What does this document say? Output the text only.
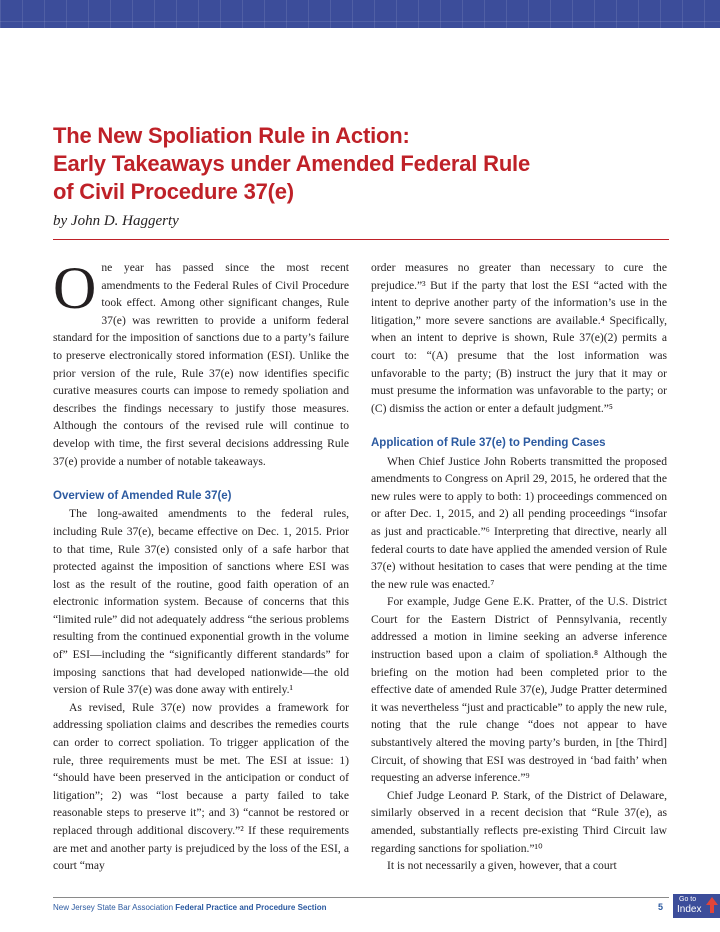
The New Spoliation Rule in Action:
Early Takeaways under Amended Federal Rule
of Civil Procedure 37(e)
by John D. Haggerty

One year has passed since the most recent amendments to the Federal Rules of Civil Procedure took effect. Among other significant changes, Rule 37(e) was rewritten to provide a uniform federal standard for the imposition of sanctions due to a party’s failure to preserve electronically stored information (ESI). Unlike the prior version of the rule, Rule 37(e) now identifies specific curative measures courts can impose to remedy spoliation and describes the findings necessary to justify those measures. Although the contours of the revised rule will continue to develop with time, the first several decisions addressing Rule 37(e) provide a number of notable takeaways.

Overview of Amended Rule 37(e)

The long-awaited amendments to the federal rules, including Rule 37(e), became effective on Dec. 1, 2015. Prior to that time, Rule 37(e) consisted only of a safe harbor that protected against the imposition of sanctions where ESI was lost as the result of the routine, good faith operation of an electronic information system. Because of concerns that this “limited rule” did not adequately address “the serious problems resulting from the continued exponential growth in the volume of” ESI—including the “significantly different standards” for imposing sanctions that had developed nationwide—the old version of Rule 37(e) was done away with entirely.¹

As revised, Rule 37(e) now provides a framework for addressing spoliation claims and describes the remedies courts can order to correct spoliation. To trigger application of the rule, three requirements must be met. The ESI at issue: 1) “should have been preserved in the anticipation or conduct of litigation”; 2) was “lost because a party failed to take reasonable steps to preserve it”; and 3) “cannot be restored or replaced through additional discovery.”² If these requirements are met and another party is prejudiced by the loss of the ESI, a court “may

order measures no greater than necessary to cure the prejudice.”³ But if the party that lost the ESI “acted with the intent to deprive another party of the information’s use in the litigation,” more severe sanctions are available.⁴ Specifically, when an intent to deprive is shown, Rule 37(e)(2) permits a court to: “(A) presume that the lost information was unfavorable to the party; (B) instruct the jury that it may or must presume the information was unfavorable to the party; or (C) dismiss the action or enter a default judgment.”⁵

Application of Rule 37(e) to Pending Cases

When Chief Justice John Roberts transmitted the proposed amendments to Congress on April 29, 2015, he ordered that the new rules were to apply to both: 1) proceedings commenced on or after Dec. 1, 2015, and 2) all pending proceedings “insofar as just and practicable.”⁶ Interpreting that directive, nearly all federal courts to date have applied the amended version of Rule 37(e) without hesitation to cases that were pending at the time the new rule was enacted.⁷

For example, Judge Gene E.K. Pratter, of the U.S. District Court for the Eastern District of Pennsylvania, recently addressed a motion in limine seeking an adverse inference instruction based upon a claim of spoliation.⁸ Although the briefing on the motion had been completed prior to the effective date of amended Rule 37(e), Judge Pratter determined it was nevertheless “just and practicable” to apply the new rule, noting that the rule change “does not appear to have substantively altered the moving party’s burden, in [the Third] Circuit, of showing that ESI was destroyed in ‘bad faith’ when requesting an adverse inference.”⁹

Chief Judge Leonard P. Stark, of the District of Delaware, similarly observed in a recent decision that “Rule 37(e), as amended, substantially reflects pre-existing Third Circuit law regarding sanctions for spoliation.”¹⁰

It is not necessarily a given, however, that a court

New Jersey State Bar Association Federal Practice and Procedure Section	5
Go to
Index
